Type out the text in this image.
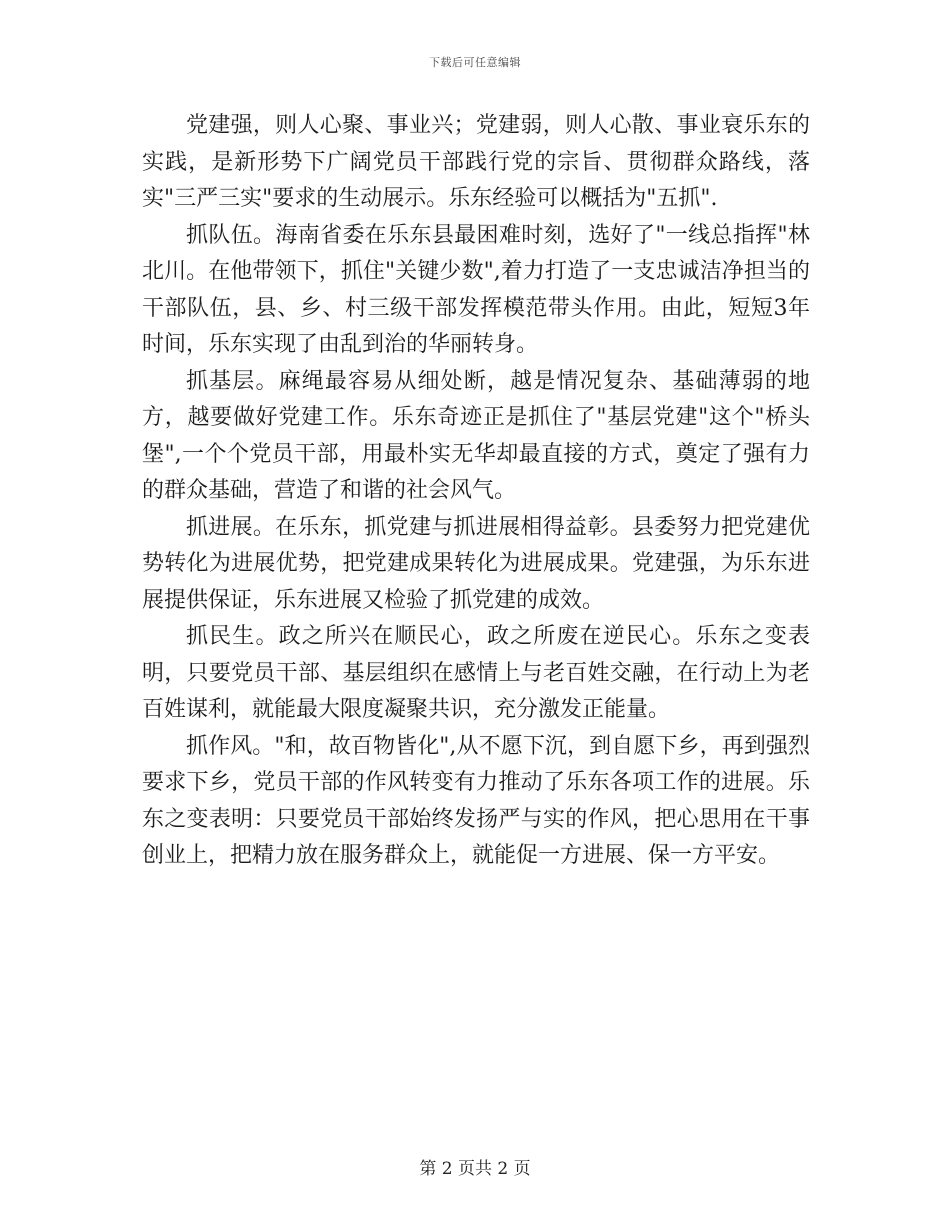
下载后可任意编辑

党建强，则人心聚、事业兴；党建弱，则人心散、事业衰乐东的实践，是新形势下广阔党员干部践行党的宗旨、贯彻群众路线，落实"三严三实"要求的生动展示。乐东经验可以概括为"五抓".

抓队伍。海南省委在乐东县最困难时刻，选好了"一线总指挥"林北川。在他带领下，抓住"关键少数",着力打造了一支忠诚洁净担当的干部队伍，县、乡、村三级干部发挥模范带头作用。由此，短短3年时间，乐东实现了由乱到治的华丽转身。

抓基层。麻绳最容易从细处断，越是情况复杂、基础薄弱的地方，越要做好党建工作。乐东奇迹正是抓住了"基层党建"这个"桥头堡",一个个党员干部，用最朴实无华却最直接的方式，奠定了强有力的群众基础，营造了和谐的社会风气。

抓进展。在乐东，抓党建与抓进展相得益彰。县委努力把党建优势转化为进展优势，把党建成果转化为进展成果。党建强，为乐东进展提供保证，乐东进展又检验了抓党建的成效。

抓民生。政之所兴在顺民心，政之所废在逆民心。乐东之变表明，只要党员干部、基层组织在感情上与老百姓交融，在行动上为老百姓谋利，就能最大限度凝聚共识，充分激发正能量。

抓作风。"和，故百物皆化",从不愿下沉，到自愿下乡，再到强烈要求下乡，党员干部的作风转变有力推动了乐东各项工作的进展。乐东之变表明：只要党员干部始终发扬严与实的作风，把心思用在干事创业上，把精力放在服务群众上，就能促一方进展、保一方平安。

第 2 页共 2 页
